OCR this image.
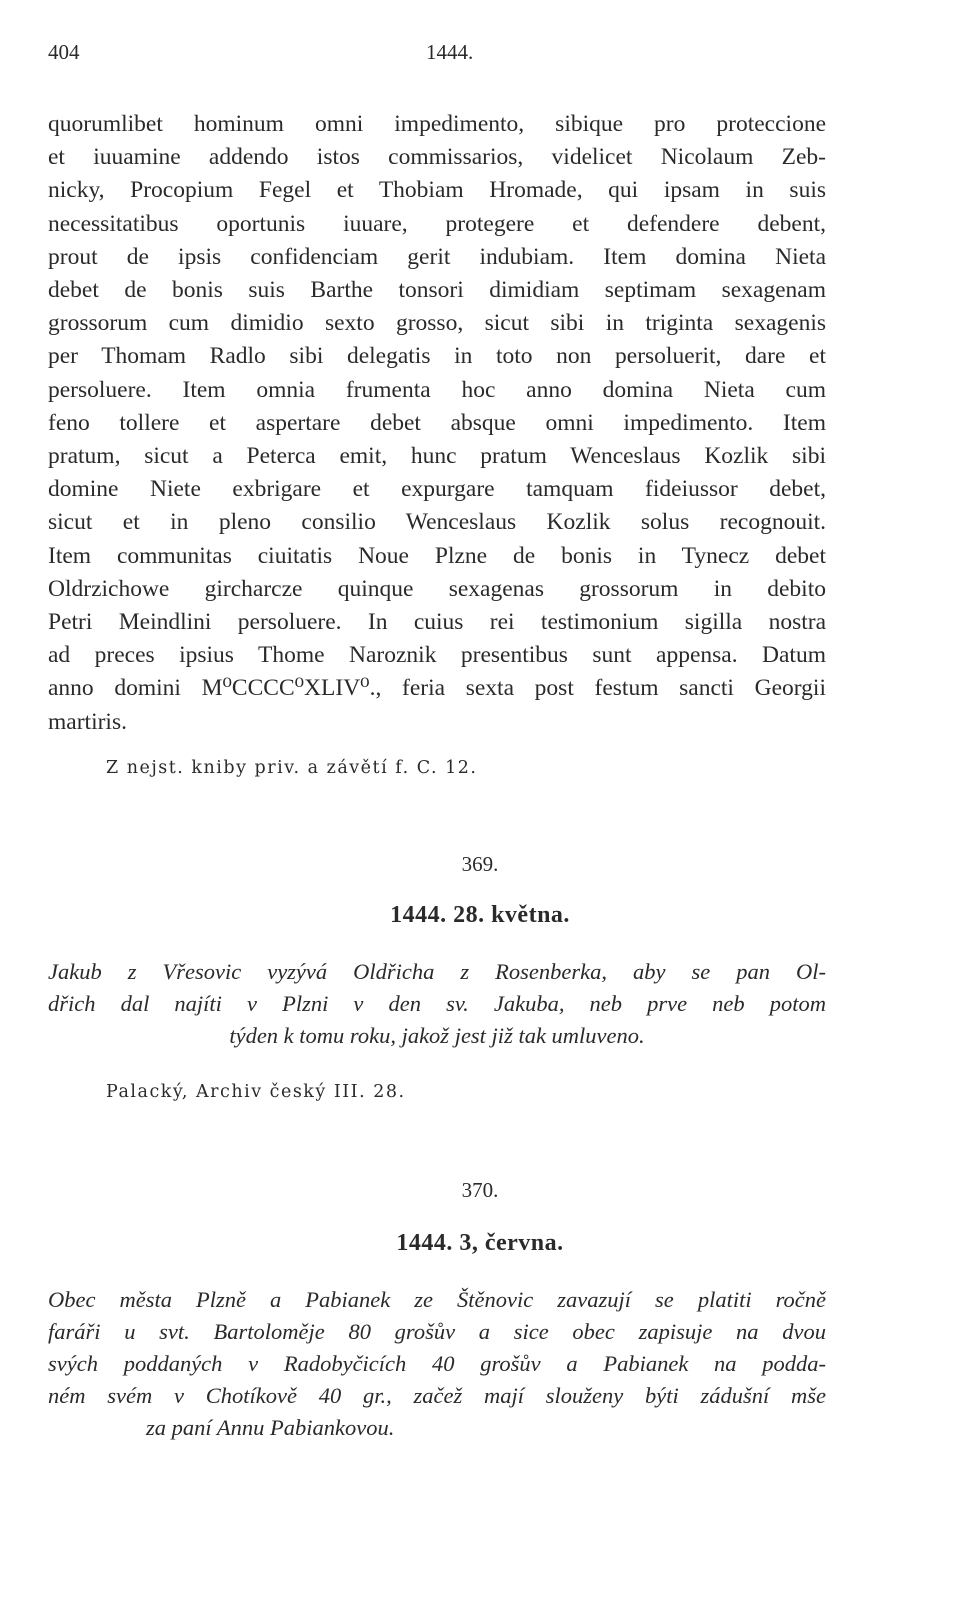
404	1444.
quorumlibet hominum omni impedimento, sibique pro proteccione
et iuuamine addendo istos commissarios, videlicet Nicolaum Zeb-
nicky, Procopium Fegel et Thobiam Hromade, qui ipsam in suis
necessitatibus oportunis iuuare, protegere et defendere debent,
prout de ipsis confidenciam gerit indubiam. Item domina Nieta
debet de bonis suis Barthe tonsori dimidiam septimam sexagenam
grossorum cum dimidio sexto grosso, sicut sibi in triginta sexagenis
per Thomam Radlo sibi delegatis in toto non persoluerit, dare et
persoluere. Item omnia frumenta hoc anno domina Nieta cum
feno tollere et aspertare debet absque omni impedimento. Item
pratum, sicut a Peterca emit, hunc pratum Wenceslaus Kozlik sibi
domine Niete exbrigare et expurgare tamquam fideiussor debet,
sicut et in pleno consilio Wenceslaus Kozlik solus recognouit.
Item communitas ciuitatis Noue Plzne de bonis in Tynecz debet
Oldrzichowe gircharcze quinque sexagenas grossorum in debito
Petri Meindlini persoluere. In cuius rei testimonium sigilla nostra
ad preces ipsius Thome Naroznik presentibus sunt appensa. Datum
anno domini M⁰CCCC⁰XLIV⁰., feria sexta post festum sancti Georgii
martiris.
Z nejst. kniby priv. a závětí f. C. 12.
369.
1444. 28. května.
Jakub z Vřesovic vyzývá Oldřicha z Rosenberka, aby se pan Ol-
dřich dal najíti v Plzni v den sv. Jakuba, neb prve neb potom
týden k tomu roku, jakož jest již tak umluveno.
Palacký, Archiv český III. 28.
370.
1444. 3, června.
Obec města Plzně a Pabianek ze Štěnovic zavazují se platiti ročně
faráři u svt. Bartoloměje 80 grošův a sice obec zapisuje na dvou
svých poddaných v Radobyčicích 40 grošův a Pabianek na podda-
ném svém v Chotíkově 40 gr., začež mají slouženy býti zádušní mše
za paní Annu Pabiankovou.
